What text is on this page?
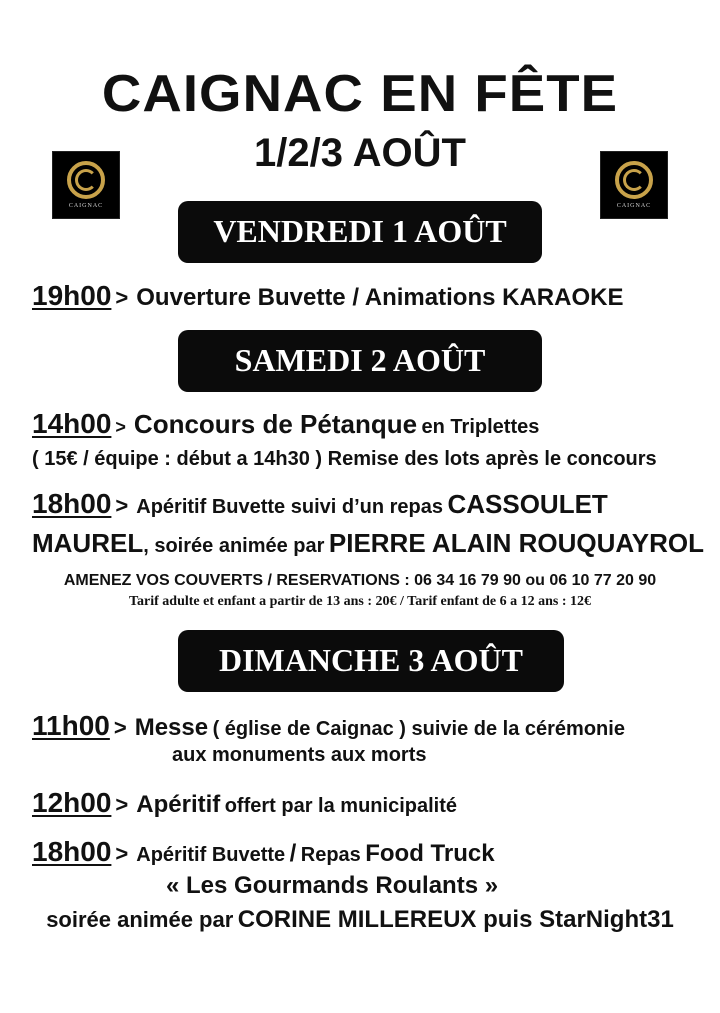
CAIGNAC EN FÊTE
1/2/3 AOÛT
CAIGNAC	CAIGNAC
VENDREDI 1 AOÛT
19h00 > Ouverture Buvette / Animations KARAOKE
SAMEDI 2 AOÛT
14h00 > Concours de Pétanque en Triplettes
( 15€ / équipe : début a 14h30 ) Remise des lots après le concours
18h00 > Apéritif Buvette suivi d’un repas CASSOULET
MAUREL, soirée animée par PIERRE ALAIN ROUQUAYROL
AMENEZ VOS COUVERTS / RESERVATIONS : 06 34 16 79 90 ou 06 10 77 20 90
Tarif adulte et enfant a partir de 13 ans : 20€ / Tarif enfant de 6 a 12 ans : 12€
DIMANCHE 3 AOÛT
11h00 > Messe ( église de Caignac ) suivie de la cérémonie
aux monuments aux morts
12h00 > Apéritif offert par la municipalité
18h00 > Apéritif Buvette / Repas Food Truck
« Les Gourmands Roulants »
soirée animée par CORINE MILLEREUX puis StarNight31
